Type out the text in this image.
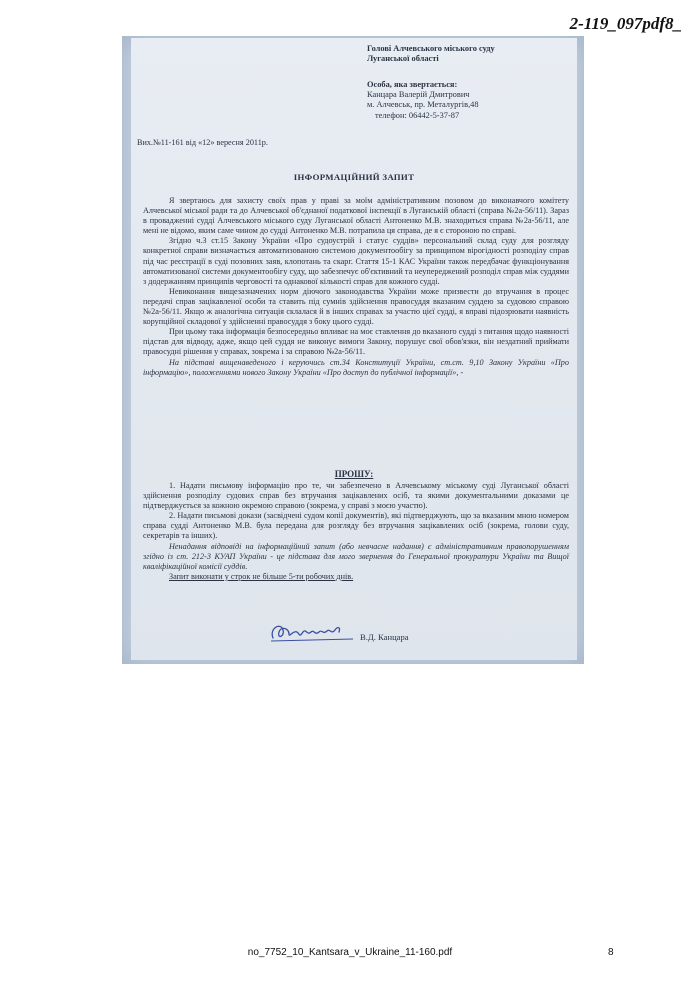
2-119_097pdf8_
Голові Алчевського міського суду
Луганської області
Особа, яка звертається:
Канцара Валерій Дмитрович
м. Алчевськ, пр. Металургів,48
телефон: 06442-5-37-87
Вих.№11-161 від «12» вересня 2011р.
ІНФОРМАЦІЙНИЙ ЗАПИТ

Я звертаюсь для захисту своїх прав у праві за моїм адміністративним позовом до виконавчого комітету Алчевської міської ради та до Алчевської об'єднаної податкової інспекції в Луганській області (справа №2а-56/11). Зараз в провадженні судді Алчевського міського суду Луганської області Антоненко М.В. знаходиться справа №2а-56/11, але мені не відомо, яким саме чином до судді Антоненко М.В. потрапила ця справа, де я є стороною по справі.

Згідно ч.3 ст.15 Закону України «Про судоустрій і статус суддів» персональний склад суду для розгляду конкретної справи визначається автоматизованою системою документообігу за принципом вірогідності розподілу справ під час реєстрації в суді позовних заяв, клопотань та скарг. Стаття 15-1 КАС України також передбачає функціонування автоматизованої системи документообігу суду, що забезпечує об'єктивний та неупереджений розподіл справ між суддями з додержанням принципів черговості та однакової кількості справ для кожного судді.

Невиконання вищезазначених норм діючого законодавства України може призвести до втручання в процес передачі справ зацікавленої особи та ставить під сумнів здійснення правосуддя вказаним суддею за судовою справою №2а-56/11. Якщо ж аналогічна ситуація склалася й в інших справах за участю цієї судді, я вправі підозрювати наявність корупційної складової у здійсненні правосуддя з боку цього судді.

При цьому така інформація безпосередньо впливає на моє ставлення до вказаного судді з питання щодо наявності підстав для відводу, адже, якщо цей суддя не виконує вимоги Закону, порушує свої обов'язки, він нездатний приймати правосудні рішення у справах, зокрема і за справою №2а-56/11.

На підставі вищенаведеного і керуючись ст.34 Конституції України, ст.ст. 9,10 Закону України «Про інформацію», положеннями нового Закону України «Про доступ до публічної інформації», -

ПРОШУ:

1. Надати письмову інформацію про те, чи забезпечено в Алчевському міському суді Луганської області здійснення розподілу судових справ без втручання зацікавлених осіб, та якими документальними доказами це підтверджується за кожною окремою справою (зокрема, у справі з моєю участю).

2. Надати письмові докази (засвідчені судом копії документів), які підтверджують, що за вказаним мною номером справа судді Антоненко М.В. була передана для розгляду без втручання зацікавлених осіб (зокрема, голови суду, секретарів та інших).

Ненадання відповіді на інформаційний запит (або невчасне надання) є адміністративним правопорушенням згідно із ст. 212-3 КУАП України - це підстава для мого звернення до Генеральної прокуратури України та Вищої кваліфікаційної комісії суддів.

Запит виконати у строк не більше 5-ти робочих днів.

В.Д. Канцара
no_7752_10_Kantsara_v_Ukraine_11-160.pdf	8
